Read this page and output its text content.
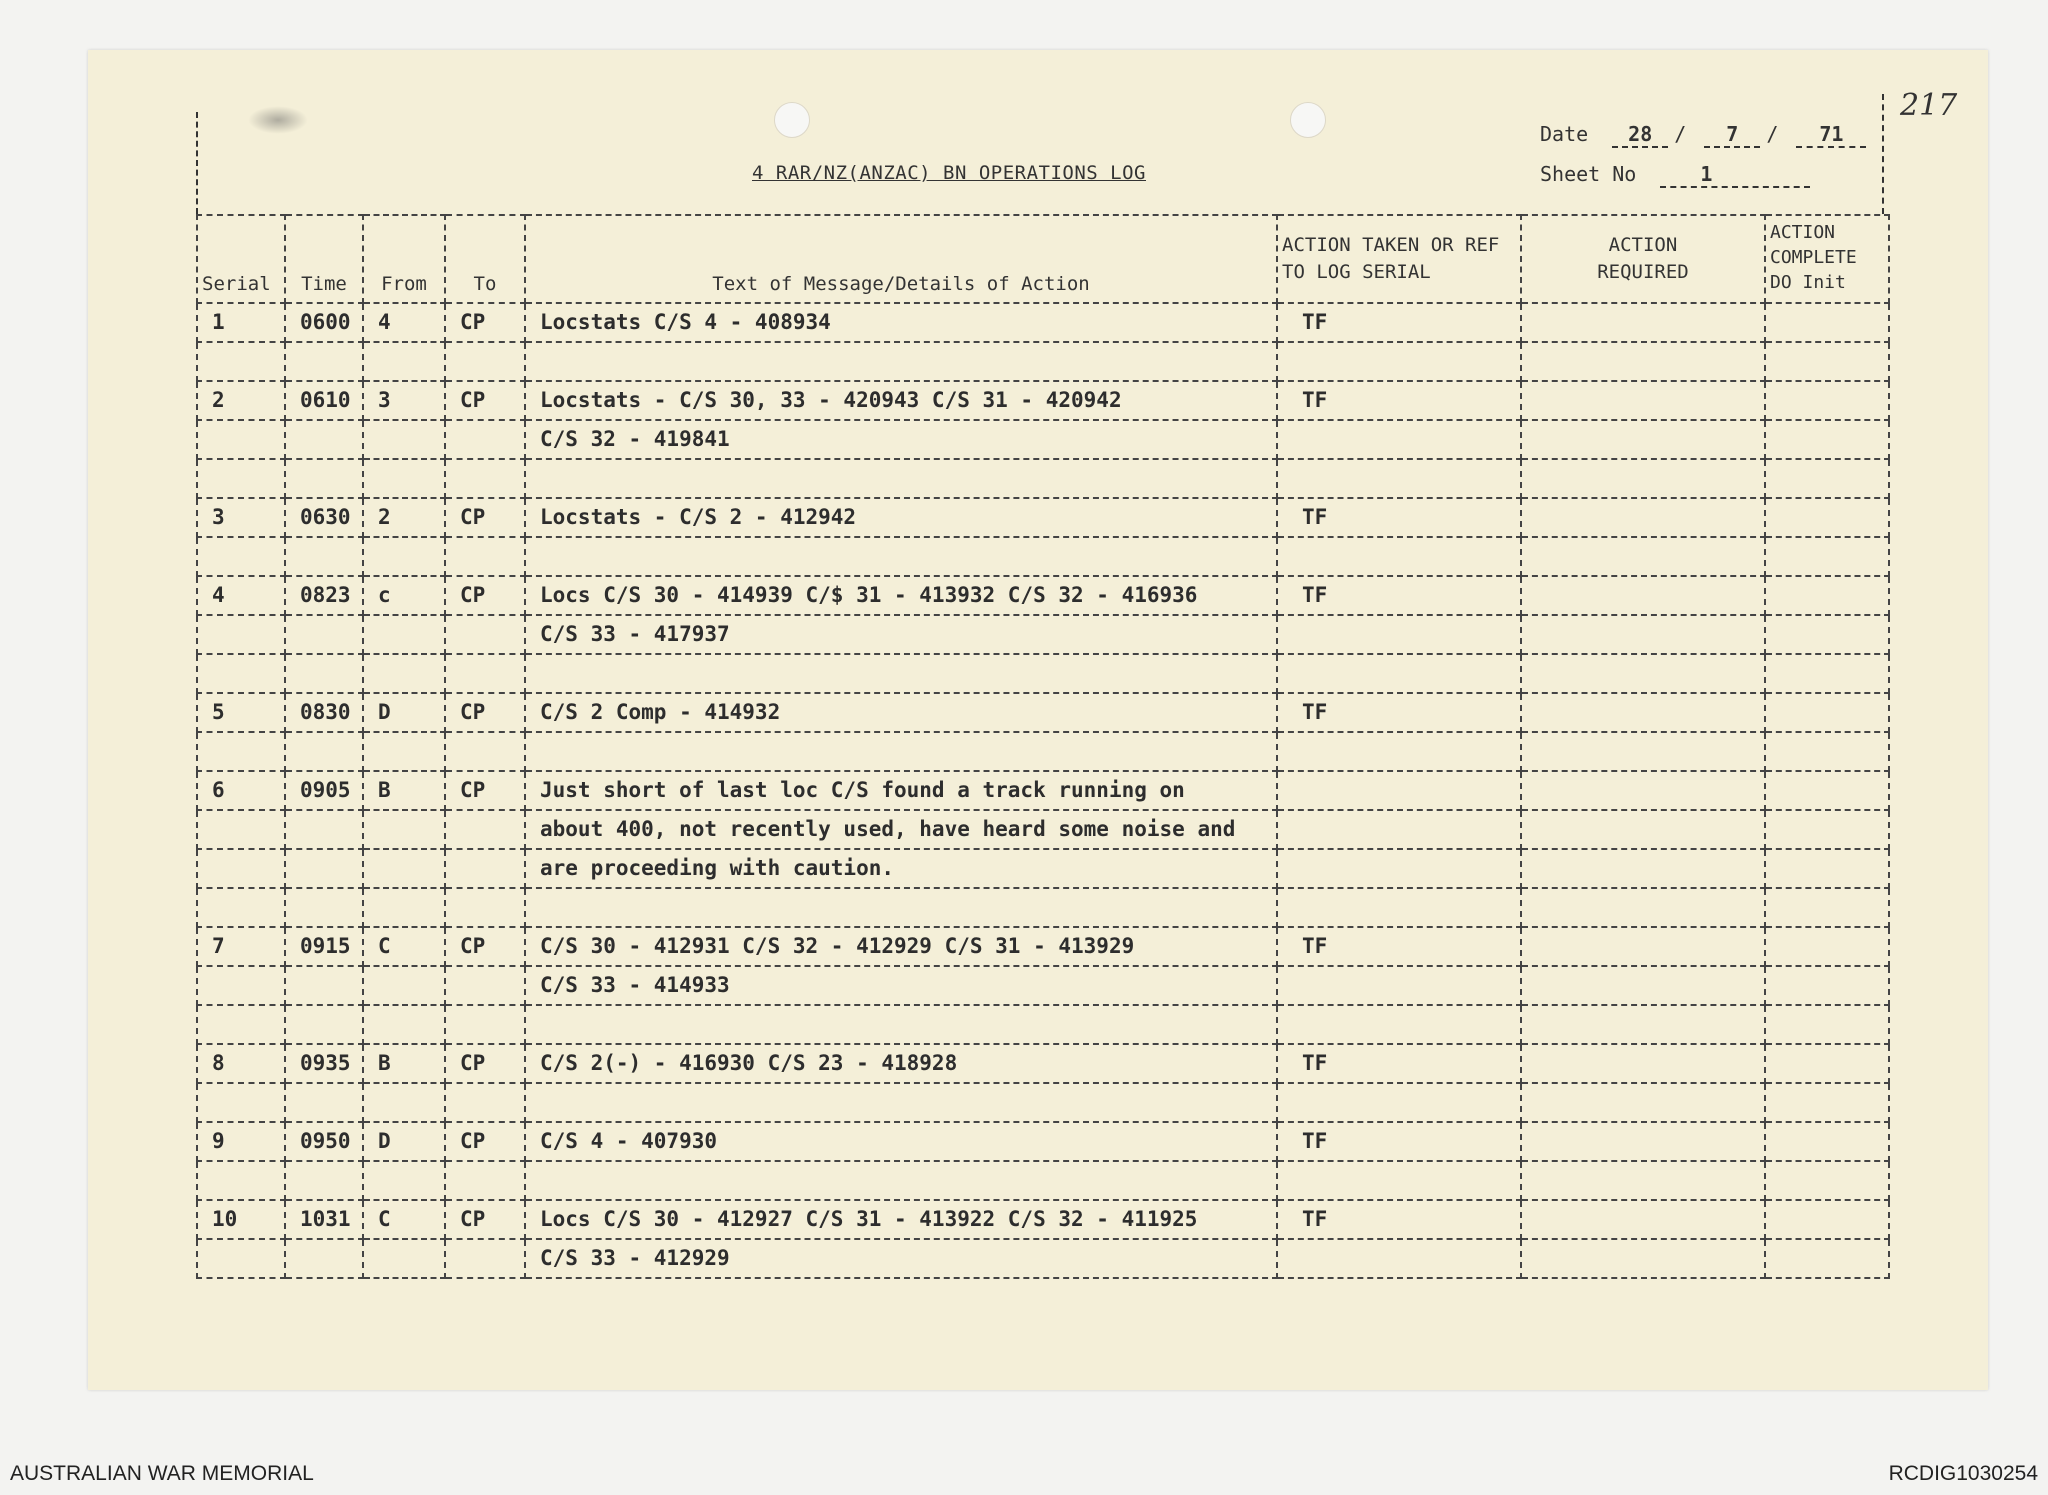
217
4 RAR/NZ(ANZAC) BN OPERATIONS LOG
Date 28 / 7 / 71
Sheet No	1
Serial	Time	From	To	Text of Message/Details of Action	ACTION TAKEN OR REF TO LOG SERIAL	ACTION REQUIRED	ACTION COMPLETE DO Init
1	0600	4	CP	Locstats C/S 4 - 408934	TF		

2	0610	3	CP	Locstats - C/S 30, 33 - 420943 C/S 31 - 420942	TF		
				C/S 32 - 419841			

3	0630	2	CP	Locstats - C/S 2 - 412942	TF		

4	0823	c	CP	Locs C/S 30 - 414939 C/$ 31 - 413932 C/S 32 - 416936	TF		
				C/S 33 - 417937			

5	0830	D	CP	C/S 2 Comp - 414932	TF		

6	0905	B	CP	Just short of last loc C/S found a track running on			
				about 400, not recently used, have heard some noise and			
				are proceeding with caution.			

7	0915	C	CP	C/S 30 - 412931 C/S 32 - 412929 C/S 31 - 413929	TF		
				C/S 33 - 414933			

8	0935	B	CP	C/S 2(-) - 416930 C/S 23 - 418928	TF		

9	0950	D	CP	C/S 4 - 407930	TF		

10	1031	C	CP	Locs C/S 30 - 412927 C/S 31 - 413922 C/S 32 - 411925	TF		
				C/S 33 - 412929			
AUSTRALIAN WAR MEMORIAL	RCDIG1030254
